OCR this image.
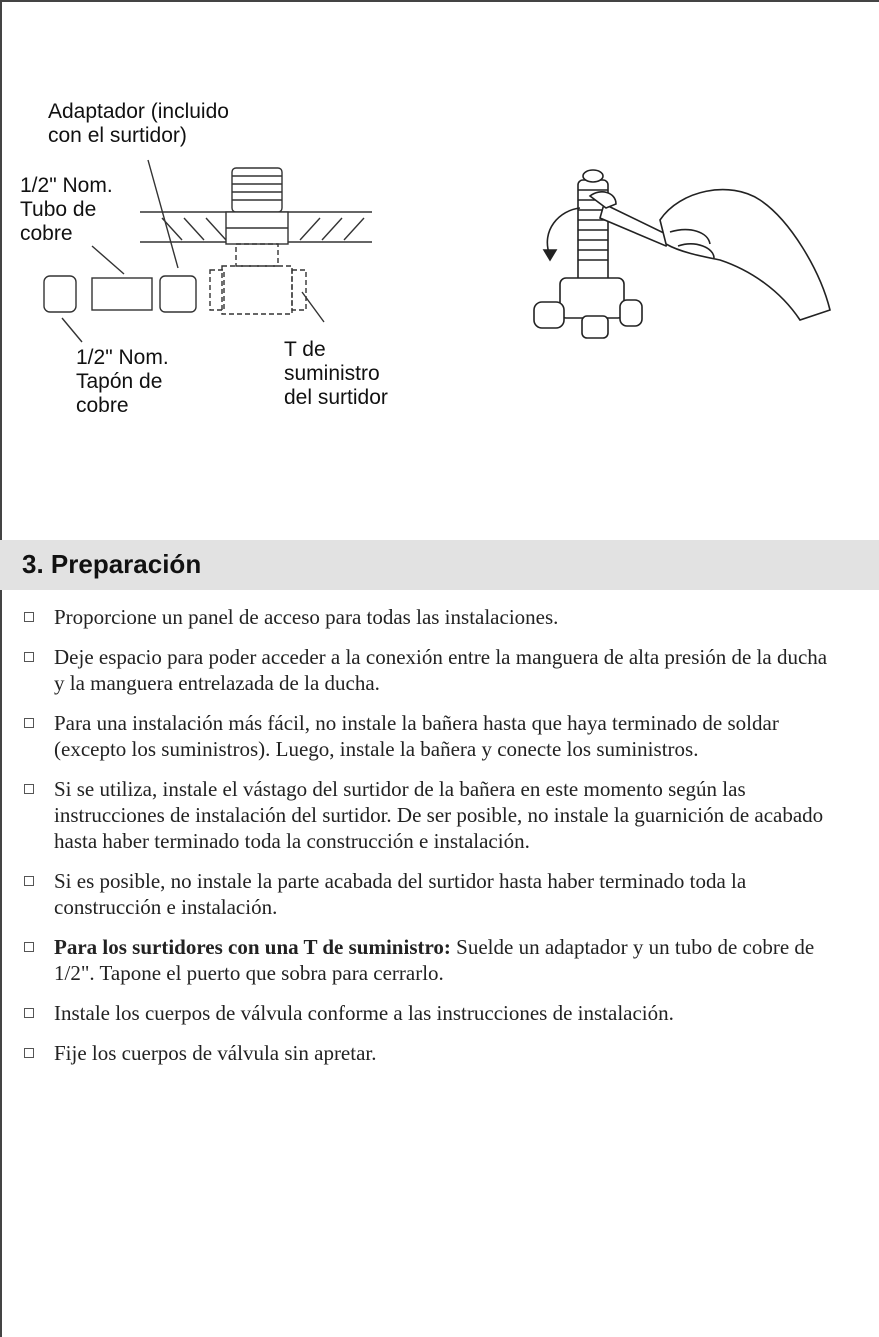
Adaptador (incluido
con el surtidor)
1/2" Nom.
Tubo de
cobre
1/2" Nom.
Tapón de
cobre
T de
suministro
del surtidor
3. Preparación
Proporcione un panel de acceso para todas las instalaciones.
Deje espacio para poder acceder a la conexión entre la manguera de alta presión de la ducha y la manguera entrelazada de la ducha.
Para una instalación más fácil, no instale la bañera hasta que haya terminado de soldar (excepto los suministros). Luego, instale la bañera y conecte los suministros.
Si se utiliza, instale el vástago del surtidor de la bañera en este momento según las instrucciones de instalación del surtidor. De ser posible, no instale la guarnición de acabado hasta haber terminado toda la construcción e instalación.
Si es posible, no instale la parte acabada del surtidor hasta haber terminado toda la construcción e instalación.
Para los surtidores con una T de suministro: Suelde un adaptador y un tubo de cobre de 1/2". Tapone el puerto que sobra para cerrarlo.
Instale los cuerpos de válvula conforme a las instrucciones de instalación.
Fije los cuerpos de válvula sin apretar.
